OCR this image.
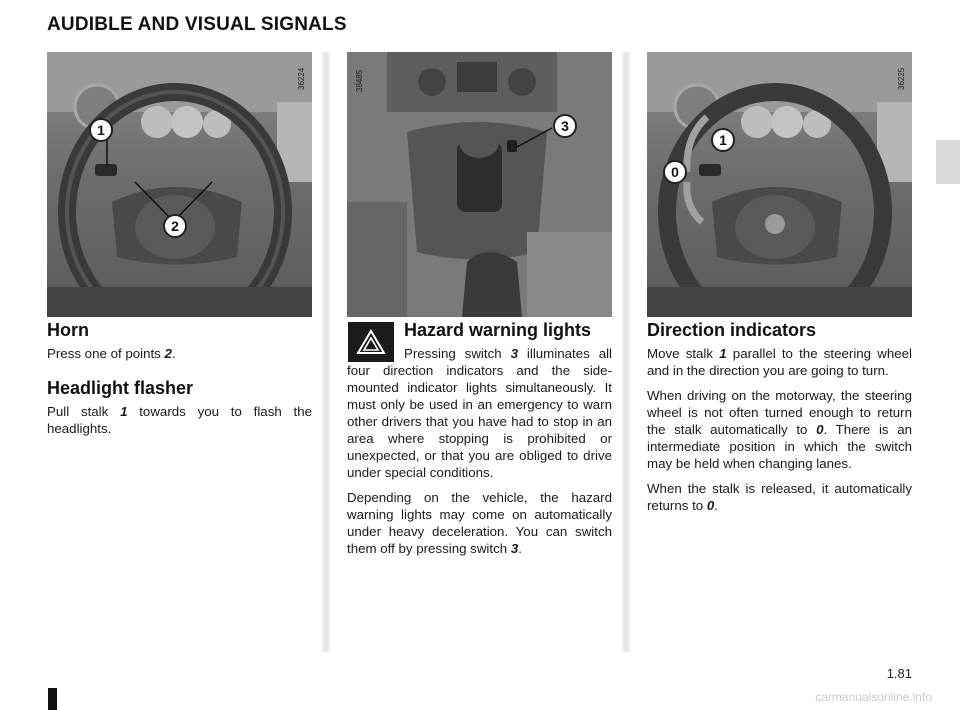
AUDIBLE AND VISUAL SIGNALS
36224
1
2
38485
3
36225
1
0
Horn

Press one of points 2.

Headlight flasher

Pull stalk 1 towards you to flash the headlights.

Hazard warning lights

Pressing switch 3 illuminates all four direction indicators and the side-mounted indicator lights simultaneously. It must only be used in an emergency to warn other drivers that you have had to stop in an area where stopping is prohibited or unexpected, or that you are obliged to drive under special conditions.

Depending on the vehicle, the hazard warning lights may come on automatically under heavy deceleration. You can switch them off by pressing switch 3.

Direction indicators

Move stalk 1 parallel to the steering wheel and in the direction you are going to turn.

When driving on the motorway, the steering wheel is not often turned enough to return the stalk automatically to 0. There is an intermediate position in which the switch may be held when changing lanes.

When the stalk is released, it automatically returns to 0.

1.81
carmanualsonline.info
